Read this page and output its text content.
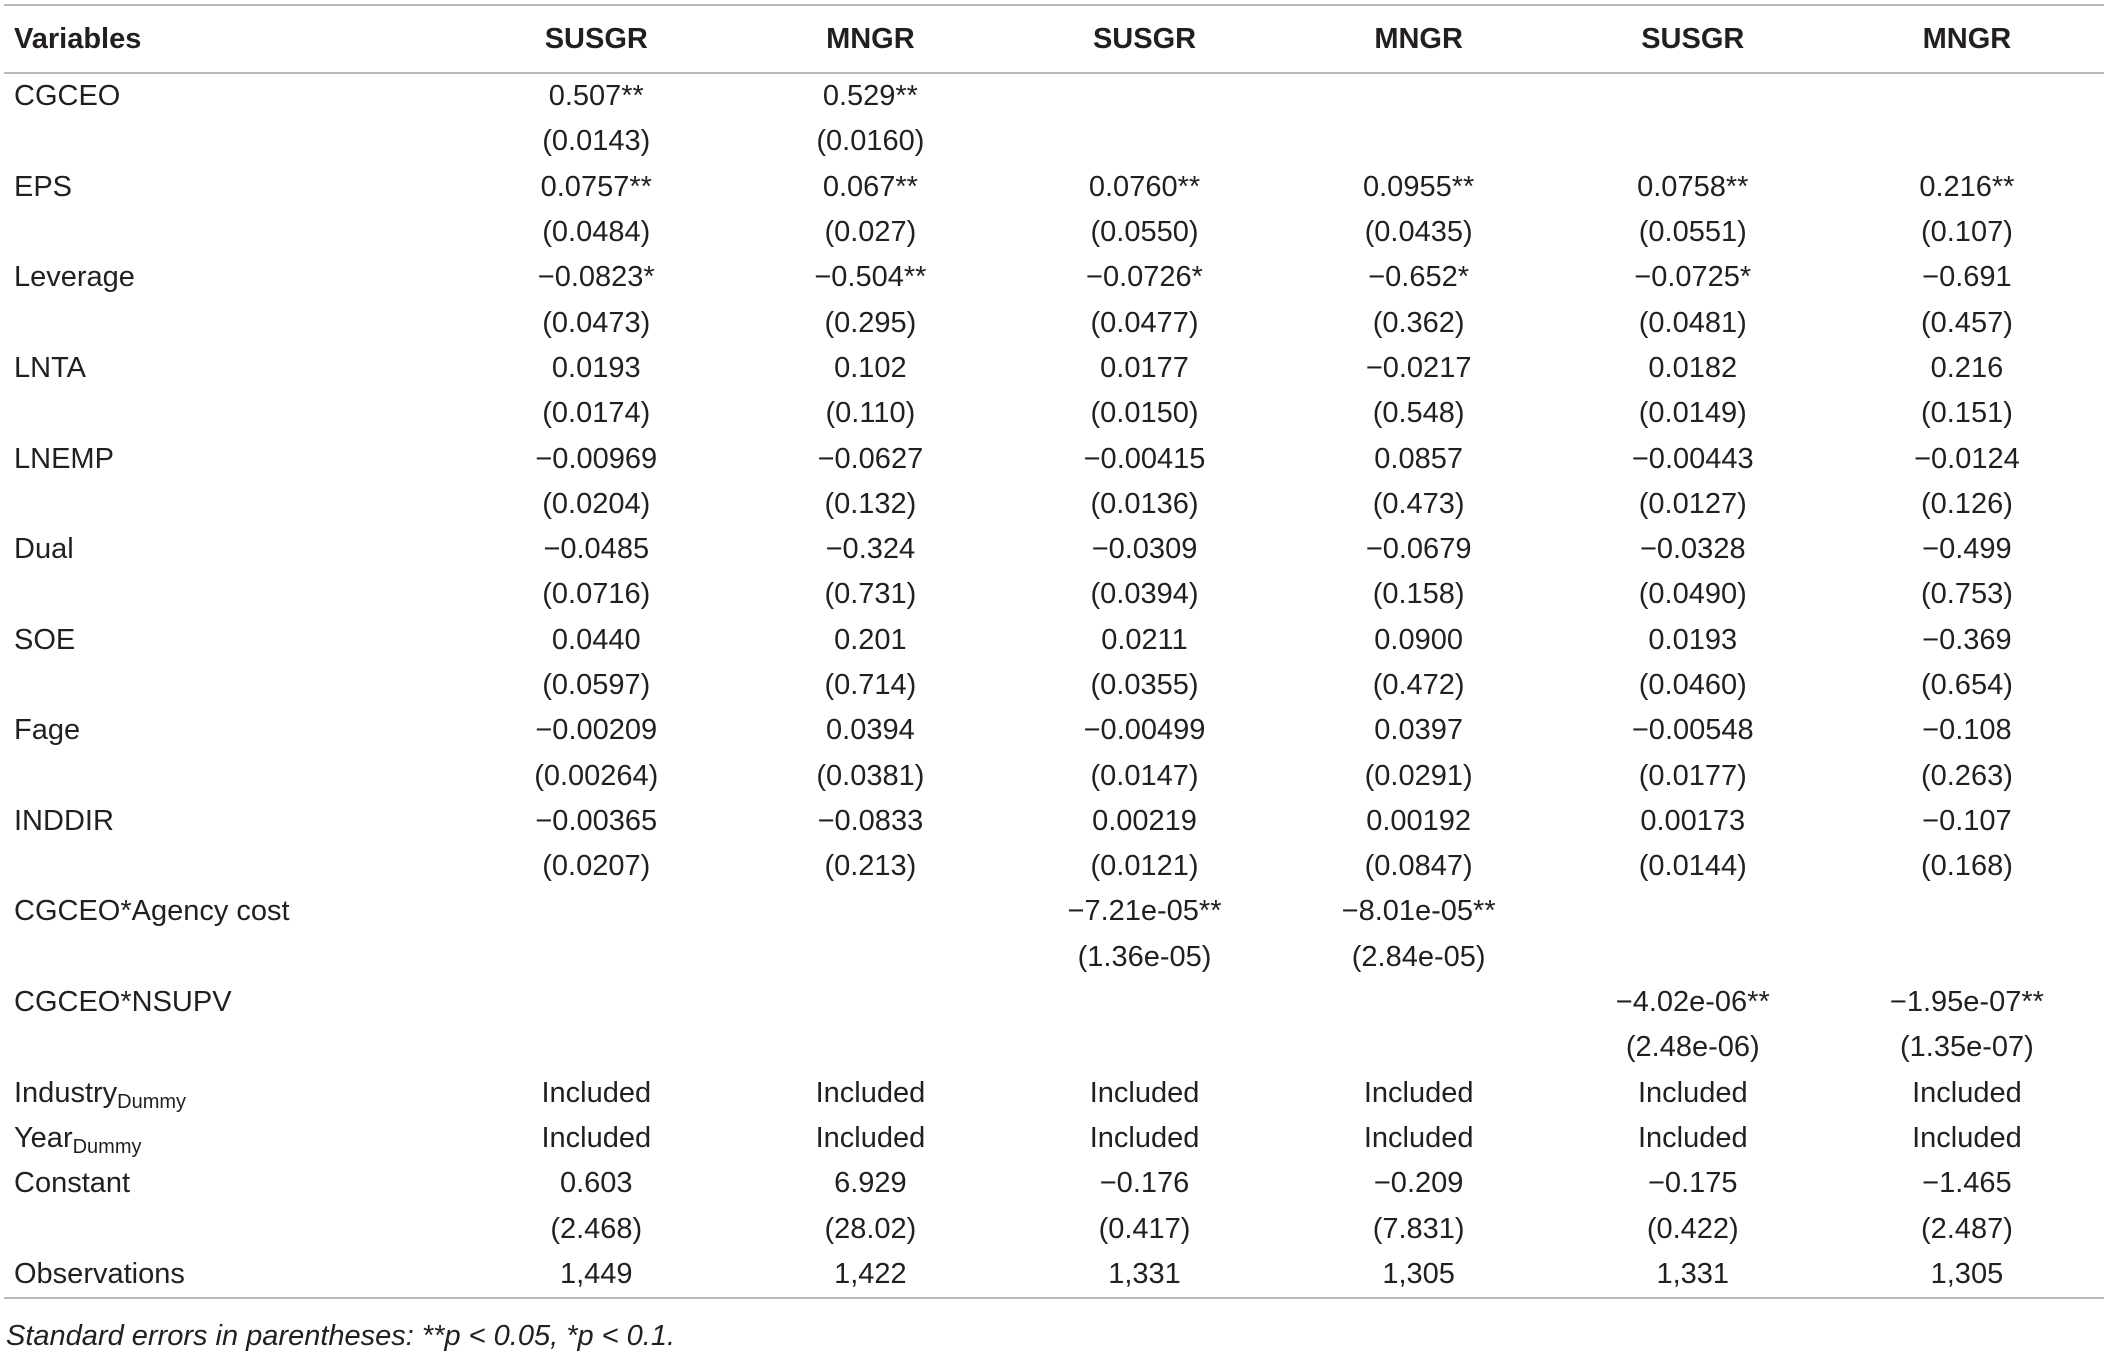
Variables	SUSGR	MNGR	SUSGR	MNGR	SUSGR	MNGR
CGCEO	0.507**	0.529**				
	(0.0143)	(0.0160)				
EPS	0.0757**	0.067**	0.0760**	0.0955**	0.0758**	0.216**
	(0.0484)	(0.027)	(0.0550)	(0.0435)	(0.0551)	(0.107)
Leverage	−0.0823*	−0.504**	−0.0726*	−0.652*	−0.0725*	−0.691
	(0.0473)	(0.295)	(0.0477)	(0.362)	(0.0481)	(0.457)
LNTA	0.0193	0.102	0.0177	−0.0217	0.0182	0.216
	(0.0174)	(0.110)	(0.0150)	(0.548)	(0.0149)	(0.151)
LNEMP	−0.00969	−0.0627	−0.00415	0.0857	−0.00443	−0.0124
	(0.0204)	(0.132)	(0.0136)	(0.473)	(0.0127)	(0.126)
Dual	−0.0485	−0.324	−0.0309	−0.0679	−0.0328	−0.499
	(0.0716)	(0.731)	(0.0394)	(0.158)	(0.0490)	(0.753)
SOE	0.0440	0.201	0.0211	0.0900	0.0193	−0.369
	(0.0597)	(0.714)	(0.0355)	(0.472)	(0.0460)	(0.654)
Fage	−0.00209	0.0394	−0.00499	0.0397	−0.00548	−0.108
	(0.00264)	(0.0381)	(0.0147)	(0.0291)	(0.0177)	(0.263)
INDDIR	−0.00365	−0.0833	0.00219	0.00192	0.00173	−0.107
	(0.0207)	(0.213)	(0.0121)	(0.0847)	(0.0144)	(0.168)
CGCEO*Agency cost			−7.21e-05**	−8.01e-05**		
			(1.36e-05)	(2.84e-05)		
CGCEO*NSUPV					−4.02e-06**	−1.95e-07**
					(2.48e-06)	(1.35e-07)
Industry$_{Dummy}$	Included	Included	Included	Included	Included	Included
Year$_{Dummy}$	Included	Included	Included	Included	Included	Included
Constant	0.603	6.929	−0.176	−0.209	−0.175	−1.465
	(2.468)	(28.02)	(0.417)	(7.831)	(0.422)	(2.487)
Observations	1,449	1,422	1,331	1,305	1,331	1,305
Standard errors in parentheses: **p < 0.05, *p < 0.1.
